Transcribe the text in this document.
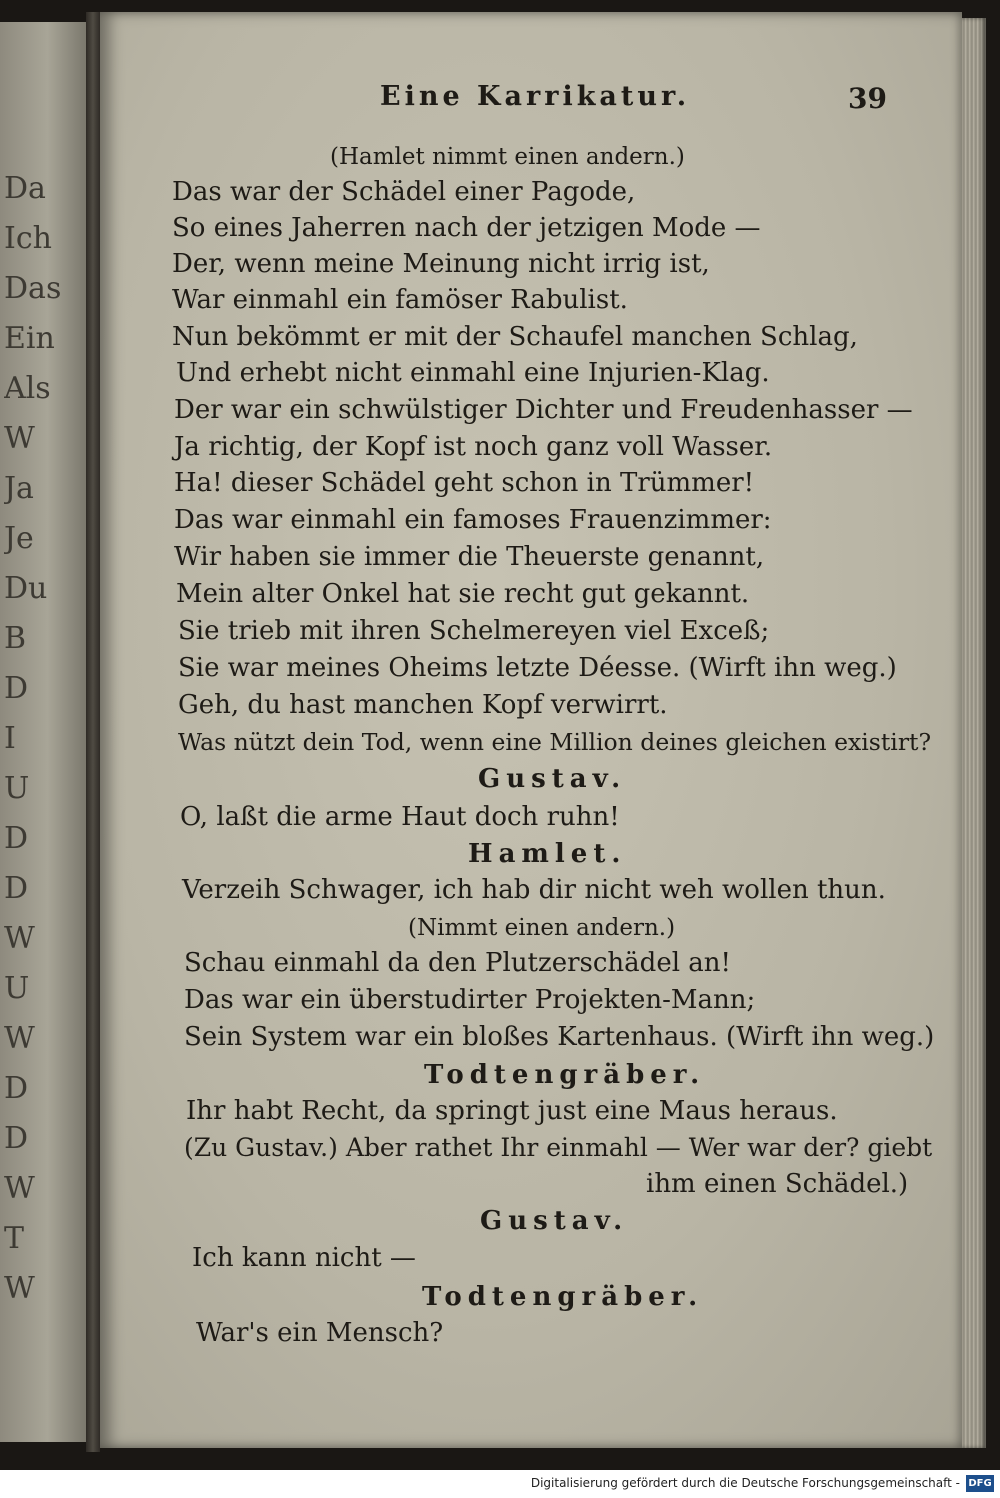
Da
Ich
Das
Ein
Als
W
Ja
Je
Du
B
D
I
U
D
D
W
U
W
D
D
W
T
W
Eine Karrikatur.	39
(Hamlet nimmt einen andern.)
Das war der Schädel einer Pagode,
So eines Jaherren nach der jetzigen Mode —
Der, wenn meine Meinung nicht irrig ist,
War einmahl ein famöser Rabulist.
Nun bekömmt er mit der Schaufel manchen Schlag,
Und erhebt nicht einmahl eine Injurien-Klag.
Der war ein schwülstiger Dichter und Freudenhasser —
Ja richtig, der Kopf ist noch ganz voll Wasser.
Ha! dieser Schädel geht schon in Trümmer!
Das war einmahl ein famoses Frauenzimmer:
Wir haben sie immer die Theuerste genannt,
Mein alter Onkel hat sie recht gut gekannt.
Sie trieb mit ihren Schelmereyen viel Exceß;
Sie war meines Oheims letzte Déesse. (Wirft ihn weg.)
Geh, du hast manchen Kopf verwirrt.
Was nützt dein Tod, wenn eine Million deines gleichen existirt?
Gustav.
O, laßt die arme Haut doch ruhn!
Hamlet.
Verzeih Schwager, ich hab dir nicht weh wollen thun.
(Nimmt einen andern.)
Schau einmahl da den Plutzerschädel an!
Das war ein überstudirter Projekten-Mann;
Sein System war ein bloßes Kartenhaus. (Wirft ihn weg.)
Todtengräber.
Ihr habt Recht, da springt just eine Maus heraus.
(Zu Gustav.) Aber rathet Ihr einmahl — Wer war der? giebt
ihm einen Schädel.)
Gustav.
Ich kann nicht —
Todtengräber.
War's ein Mensch?
Digitalisierung gefördert durch die Deutsche Forschungsgemeinschaft - DFG
